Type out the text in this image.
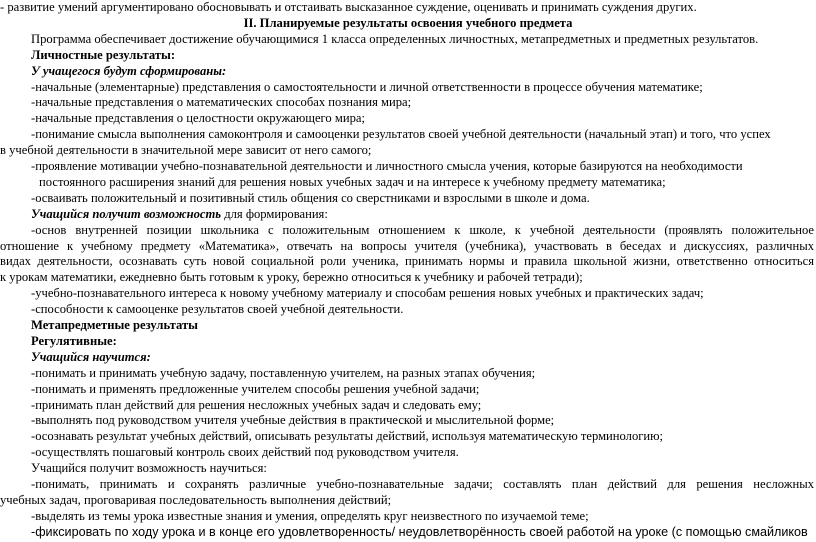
- развитие умений аргументировано обосновывать и отстаивать высказанное суждение, оценивать и принимать суждения других.
II. Планируемые результаты освоения учебного предмета
Программа обеспечивает достижение обучающимися 1 класса определенных личностных, метапредметных и предметных результатов.
Личностные результаты:
У учащегося будут сформированы:
-начальные (элементарные) представления о самостоятельности и личной ответственности в процессе обучения математике;
-начальные представления о математических способах познания мира;
-начальные представления о целостности окружающего мира;
-понимание смысла выполнения самоконтроля и самооценки результатов своей учебной деятельности (начальный этап) и того, что успех
в учебной деятельности в значительной мере зависит от него самого;
-проявление мотивации учебно-познавательной деятельности и личностного смысла учения, которые базируются на необходимости
постоянного расширения знаний для решения новых учебных задач и на интересе к учебному предмету математика;
-осваивать положительный и позитивный стиль общения со сверстниками и взрослыми в школе и дома.
Учащийся получит возможность для формирования:
-основ внутренней позиции школьника с положительным отношением к школе, к учебной деятельности (проявлять положительное
отношение к учебному предмету «Математика», отвечать на вопросы учителя (учебника), участвовать в беседах и дискуссиях, различных
видах деятельности, осознавать суть новой социальной роли ученика, принимать нормы и правила школьной жизни, ответственно относиться
к урокам математики, ежедневно быть готовым к уроку, бережно относиться к учебнику и рабочей тетради);
-учебно-познавательного интереса к новому учебному материалу и способам решения новых учебных и практических задач;
-способности к самооценке результатов своей учебной деятельности.
Метапредметные результаты
Регулятивные:
Учащийся научится:
-понимать и принимать учебную задачу, поставленную учителем, на разных этапах обучения;
-понимать и применять предложенные учителем способы решения учебной задачи;
-принимать план действий для решения несложных учебных задач и следовать ему;
-выполнять под руководством учителя учебные действия в практической и мыслительной форме;
-осознавать результат учебных действий, описывать результаты действий, используя математическую терминологию;
-осуществлять пошаговый контроль своих действий под руководством учителя.
Учащийся получит возможность научиться:
-понимать, принимать и сохранять различные учебно-познавательные задачи; составлять план действий для решения несложных
учебных задач, проговаривая последовательность выполнения действий;
-выделять из темы урока известные знания и умения, определять круг неизвестного по изучаемой теме;
-фиксировать по ходу урока и в конце его удовлетворенность/ неудовлетворённость своей работой на уроке (с помощью смайликов
